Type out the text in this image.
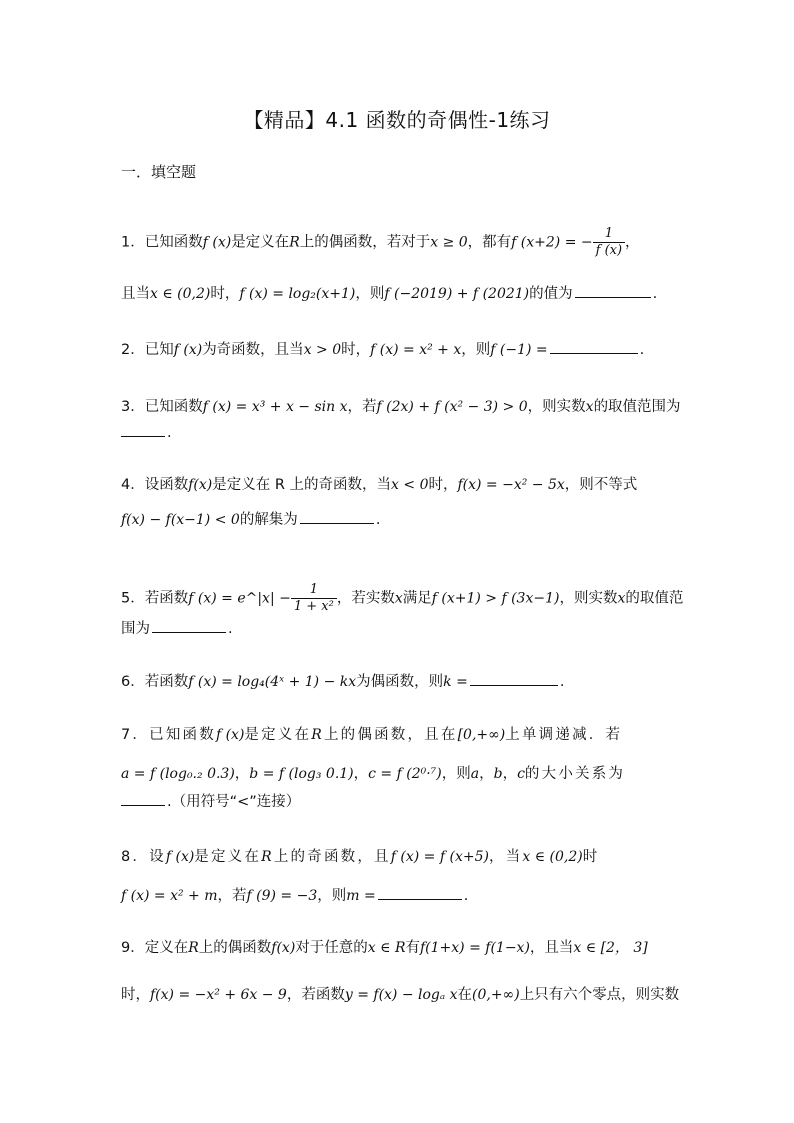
【精品】4.1 函数的奇偶性-1练习
一．填空题
1．已知函数f (x)是定义在R上的偶函数，若对于x ≥ 0，都有f (x+2) = − $\frac{1}{f (x)}$ ，
且当x ∈ (0,2)时，f (x) = log₂(x+1)，则f (−2019) + f (2021)的值为	.
2．已知f (x)为奇函数，且当x > 0时，f (x) = x² + x，则f (−1) =	.
3．已知函数f (x) = x³ + x − sin x，若f (2x) + f (x² − 3) > 0，则实数x的取值范围为
.
4．设函数f(x)是定义在 R 上的奇函数，当x < 0时，f(x) = −x² − 5x，则不等式
f(x) − f(x−1) < 0的解集为	.
5．若函数f (x) = e^|x| − $\frac{1}{\text{1 + x²}}$ ，若实数x满足f (x+1) > f (3x−1)，则实数x的取值范
围为	.
6．若函数f (x) = log₄(4ˣ + 1) − kx为偶函数，则k =	.
7．已知函数f (x)是定义在R上的偶函数，且在[0,+∞)上单调递减．若
a = f (log₀.₂ 0.3)，b = f (log₃ 0.1)，c = f (2⁰·⁷)，则a，b，c的大小关系为
.（用符号“<”连接）
8．设f (x)是定义在R上的奇函数，且f (x) = f (x+5)，当x ∈ (0,2)时
f (x) = x² + m，若f (9) = −3，则m =	.
9．定义在R上的偶函数f(x)对于任意的x ∈ R有f(1+x) = f(1−x)，且当x ∈ [2， 3]
时，f(x) = −x² + 6x − 9，若函数y = f(x) − logₐ x在(0,+∞)上只有六个零点，则实数
